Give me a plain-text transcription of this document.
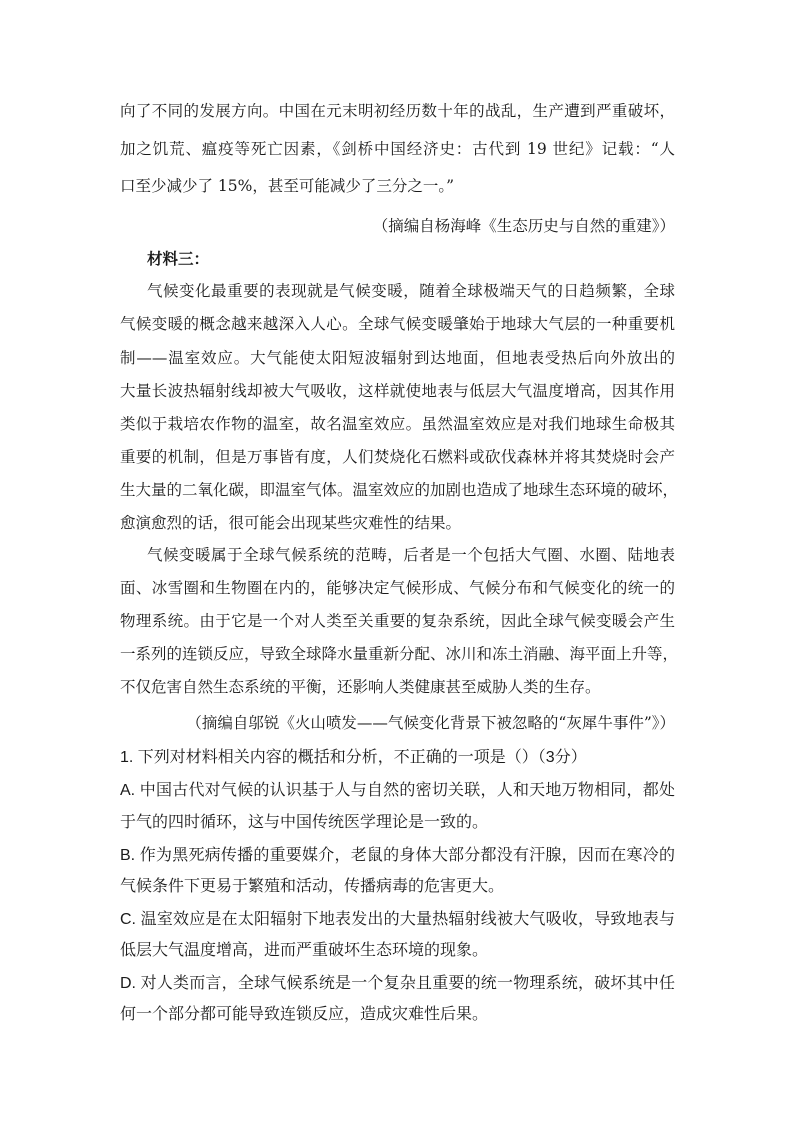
向了不同的发展方向。中国在元末明初经历数十年的战乱，生产遭到严重破坏，
加之饥荒、瘟疫等死亡因素，《剑桥中国经济史：古代到 19 世纪》记载：“人
口至少减少了 15%，甚至可能减少了三分之一。”
（摘编自杨海峰《生态历史与自然的重建》）
材料三：
气候变化最重要的表现就是气候变暖，随着全球极端天气的日趋频繁，全球
气候变暖的概念越来越深入人心。全球气候变暖肇始于地球大气层的一种重要机
制——温室效应。大气能使太阳短波辐射到达地面，但地表受热后向外放出的
大量长波热辐射线却被大气吸收，这样就使地表与低层大气温度增高，因其作用
类似于栽培农作物的温室，故名温室效应。虽然温室效应是对我们地球生命极其
重要的机制，但是万事皆有度，人们焚烧化石燃料或砍伐森林并将其焚烧时会产
生大量的二氧化碳，即温室气体。温室效应的加剧也造成了地球生态环境的破坏，
愈演愈烈的话，很可能会出现某些灾难性的结果。
气候变暖属于全球气候系统的范畴，后者是一个包括大气圈、水圈、陆地表
面、冰雪圈和生物圈在内的，能够决定气候形成、气候分布和气候变化的统一的
物理系统。由于它是一个对人类至关重要的复杂系统，因此全球气候变暖会产生
一系列的连锁反应，导致全球降水量重新分配、冰川和冻土消融、海平面上升等，
不仅危害自然生态系统的平衡，还影响人类健康甚至威胁人类的生存。
（摘编自邬锐《火山喷发——气候变化背景下被忽略的“灰犀牛事件”》）
1. 下列对材料相关内容的概括和分析，不正确的一项是（）（3分）
A. 中国古代对气候的认识基于人与自然的密切关联，人和天地万物相同，都处
于气的四时循环，这与中国传统医学理论是一致的。
B. 作为黑死病传播的重要媒介，老鼠的身体大部分都没有汗腺，因而在寒冷的
气候条件下更易于繁殖和活动，传播病毒的危害更大。
C. 温室效应是在太阳辐射下地表发出的大量热辐射线被大气吸收，导致地表与
低层大气温度增高，进而严重破坏生态环境的现象。
D. 对人类而言，全球气候系统是一个复杂且重要的统一物理系统，破坏其中任
何一个部分都可能导致连锁反应，造成灾难性后果。
